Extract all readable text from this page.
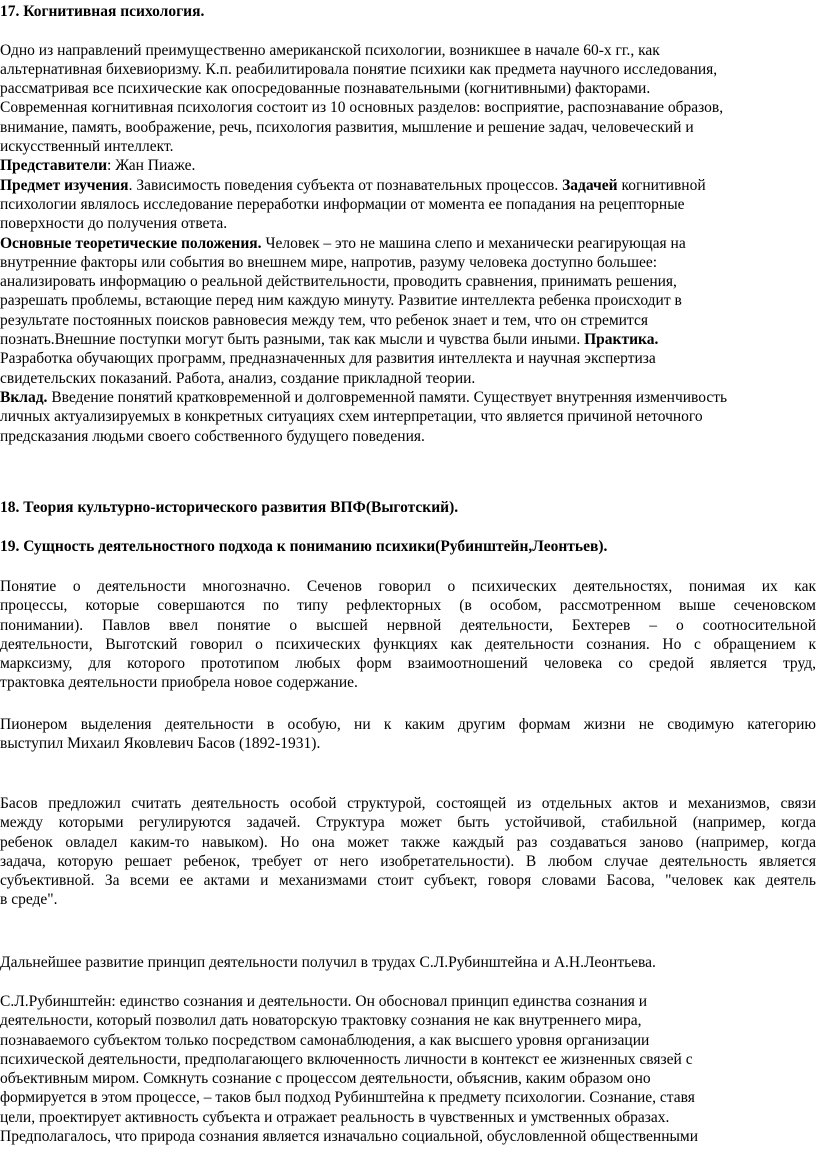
17. Когнитивная психология.

Одно из направлений преимущественно американской психологии, возникшее в начале 60-х гг., как

альтернативная бихевиоризму. К.п. реабилитировала понятие психики как предмета научного исследования,

рассматривая все психические как опосредованные познавательными (когнитивными) факторами.

Современная когнитивная психология состоит из 10 основных разделов: восприятие, распознавание образов,

внимание, память, воображение, речь, психология развития, мышление и решение задач, человеческий и

искусственный интеллект.

Представители: Жан Пиаже.

Предмет изучения. Зависимость поведения субъекта от познавательных процессов. Задачей когнитивной

психологии являлось исследование переработки информации от момента ее попадания на рецепторные

поверхности до получения ответа.

Основные теоретические положения. Человек – это не машина слепо и механически реагирующая на

внутренние факторы или события во внешнем мире, напротив, разуму человека доступно большее:

анализировать информацию о реальной действительности, проводить сравнения, принимать решения,

разрешать проблемы, встающие перед ним каждую минуту. Развитие интеллекта ребенка происходит в

результате постоянных поисков равновесия между тем, что ребенок знает и тем, что он стремится

познать.Внешние поступки могут быть разными, так как мысли и чувства были иными. Практика.

Разработка обучающих программ, предназначенных для развития интеллекта и научная экспертиза

свидетельских показаний. Работа, анализ, создание прикладной теории.

Вклад. Введение понятий кратковременной и долговременной памяти. Существует внутренняя изменчивость

личных актуализируемых в конкретных ситуациях схем интерпретации, что является причиной неточного

предсказания людьми своего собственного будущего поведения.

18. Теория культурно-исторического развития ВПФ(Выготский).

19. Сущность деятельностного подхода к пониманию психики(Рубинштейн,Леонтьев).

Понятие о деятельности многозначно. Сеченов говорил о психических деятельностях, понимая их как

процессы, которые совершаются по типу рефлекторных (в особом, рассмотренном выше сеченовском

понимании). Павлов ввел понятие о высшей нервной деятельности, Бехтерев – о соотносительной

деятельности, Выготский говорил о психических функциях как деятельности сознания. Но с обращением к

марксизму, для которого прототипом любых форм взаимоотношений человека со средой является труд,

трактовка деятельности приобрела новое содержание.

Пионером выделения деятельности в особую, ни к каким другим формам жизни не сводимую категорию

выступил Михаил Яковлевич Басов (1892-1931).

Басов предложил считать деятельность особой структурой, состоящей из отдельных актов и механизмов, связи

между которыми регулируются задачей. Структура может быть устойчивой, стабильной (например, когда

ребенок овладел каким-то навыком). Но она может также каждый раз создаваться заново (например, когда

задача, которую решает ребенок, требует от него изобретательности). В любом случае деятельность является

субъективной. За всеми ее актами и механизмами стоит субъект, говоря словами Басова, "человек как деятель

в среде".

Дальнейшее развитие принцип деятельности получил в трудах С.Л.Рубинштейна и А.Н.Леонтьева.

С.Л.Рубинштейн: единство сознания и деятельности. Он обосновал принцип единства сознания и

деятельности, который позволил дать новаторскую трактовку сознания не как внутреннего мира,

познаваемого субъектом только посредством самонаблюдения, а как высшего уровня организации

психической деятельности, предполагающего включенность личности в контекст ее жизненных связей с

объективным миром. Сомкнуть сознание с процессом деятельности, объяснив, каким образом оно

формируется в этом процессе, – таков был подход Рубинштейна к предмету психологии. Сознание, ставя

цели, проектирует активность субъекта и отражает реальность в чувственных и умственных образах.

Предполагалось, что природа сознания является изначально социальной, обусловленной общественными
